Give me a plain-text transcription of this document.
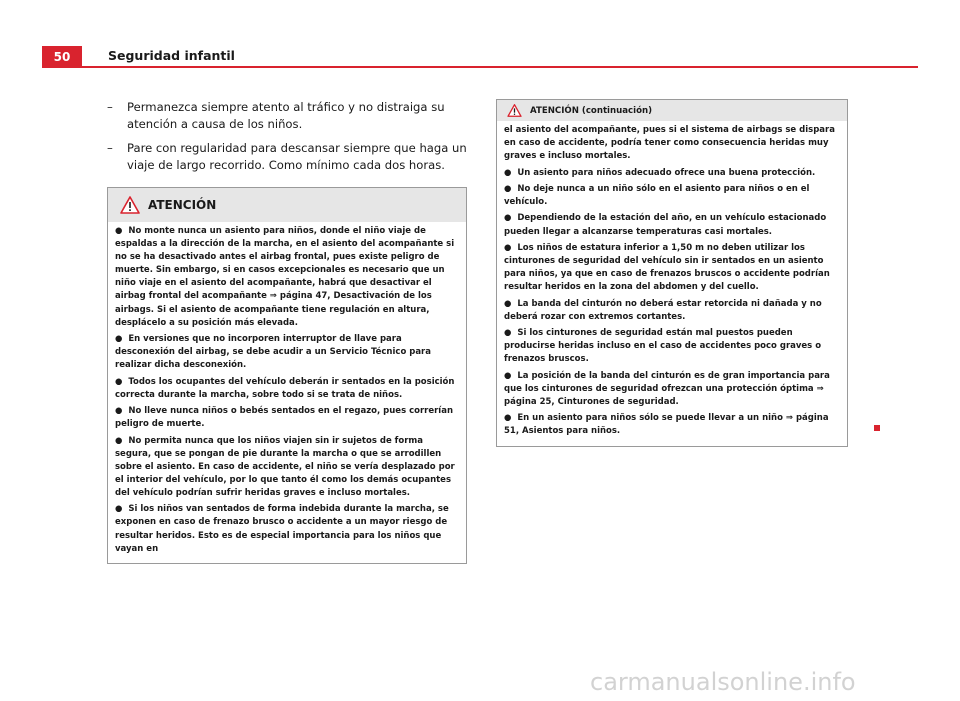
50	Seguridad infantil
– Permanezca siempre atento al tráfico y no distraiga su atención a causa de los niños.
– Pare con regularidad para descansar siempre que haga un viaje de largo recorrido. Como mínimo cada dos horas.
ATENCIÓN

●  No monte nunca un asiento para niños, donde el niño viaje de espaldas a la dirección de la marcha, en el asiento del acompañante si no se ha desactivado antes el airbag frontal, pues existe peligro de muerte. Sin embargo, si en casos excepcionales es necesario que un niño viaje en el asiento del acompañante, habrá que desactivar el airbag frontal del acompañante ⇒ página 47, Desactivación de los airbags. Si el asiento de acompañante tiene regulación en altura, desplácelo a su posición más elevada.

●  En versiones que no incorporen interruptor de llave para desconexión del airbag, se debe acudir a un Servicio Técnico para realizar dicha desconexión.

●  Todos los ocupantes del vehículo deberán ir sentados en la posición correcta durante la marcha, sobre todo si se trata de niños.

●  No lleve nunca niños o bebés sentados en el regazo, pues correrían peligro de muerte.

●  No permita nunca que los niños viajen sin ir sujetos de forma segura, que se pongan de pie durante la marcha o que se arrodillen sobre el asiento. En caso de accidente, el niño se vería desplazado por el interior del vehículo, por lo que tanto él como los demás ocupantes del vehículo podrían sufrir heridas graves e incluso mortales.

●  Si los niños van sentados de forma indebida durante la marcha, se exponen en caso de frenazo brusco o accidente a un mayor riesgo de resultar heridos. Esto es de especial importancia para los niños que vayan en

ATENCIÓN (continuación)

el asiento del acompañante, pues si el sistema de airbags se dispara en caso de accidente, podría tener como consecuencia heridas muy graves e incluso mortales.

●  Un asiento para niños adecuado ofrece una buena protección.

●  No deje nunca a un niño sólo en el asiento para niños o en el vehículo.

●  Dependiendo de la estación del año, en un vehículo estacionado pueden llegar a alcanzarse temperaturas casi mortales.

●  Los niños de estatura inferior a 1,50 m no deben utilizar los cinturones de seguridad del vehículo sin ir sentados en un asiento para niños, ya que en caso de frenazos bruscos o accidente podrían resultar heridos en la zona del abdomen y del cuello.

●  La banda del cinturón no deberá estar retorcida ni dañada y no deberá rozar con extremos cortantes.

●  Si los cinturones de seguridad están mal puestos pueden producirse heridas incluso en el caso de accidentes poco graves o frenazos bruscos.

●  La posición de la banda del cinturón es de gran importancia para que los cinturones de seguridad ofrezcan una protección óptima ⇒ página 25, Cinturones de seguridad.

●  En un asiento para niños sólo se puede llevar a un niño ⇒ página 51, Asientos para niños.

carmanualsonline.info
